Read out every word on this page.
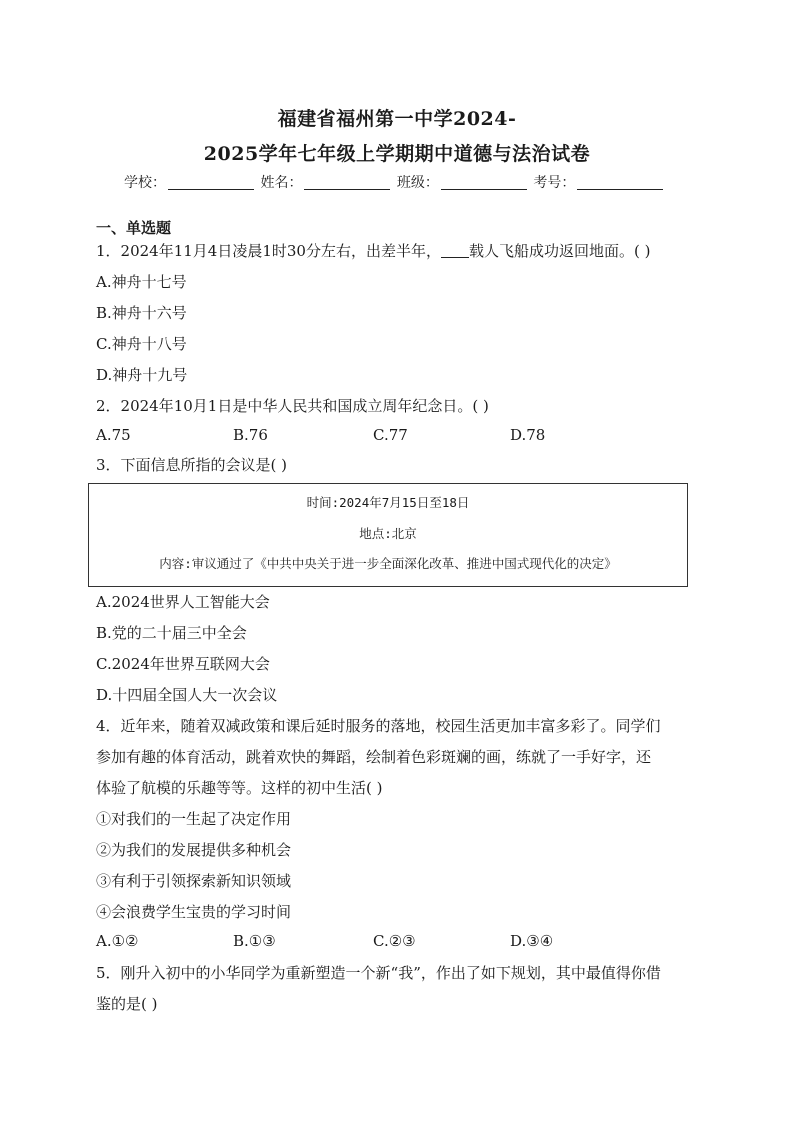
福建省福州第一中学2024-
2025学年七年级上学期期中道德与法治试卷
学校：	姓名：	班级：	考号：
一、单选题
1．2024年11月4日凌晨1时30分左右，出差半年， 载人飞船成功返回地面。( )
A.神舟十七号
B.神舟十六号
C.神舟十八号
D.神舟十九号
2．2024年10月1日是中华人民共和国成立周年纪念日。( )
A.75	B.76	C.77	D.78
3．下面信息所指的会议是( )
时间:2024年7月15日至18日
地点:北京
内容:审议通过了《中共中央关于进一步全面深化改革、推进中国式现代化的决定》
A.2024世界人工智能大会
B.党的二十届三中全会
C.2024年世界互联网大会
D.十四届全国人大一次会议
4．近年来，随着双减政策和课后延时服务的落地，校园生活更加丰富多彩了。同学们
参加有趣的体育活动，跳着欢快的舞蹈，绘制着色彩斑斓的画，练就了一手好字，还
体验了航模的乐趣等等。这样的初中生活( )
①对我们的一生起了决定作用
②为我们的发展提供多种机会
③有利于引领探索新知识领域
④会浪费学生宝贵的学习时间
A.①②	B.①③	C.②③	D.③④
5．刚升入初中的小华同学为重新塑造一个新“我”，作出了如下规划，其中最值得你借
鉴的是( )
